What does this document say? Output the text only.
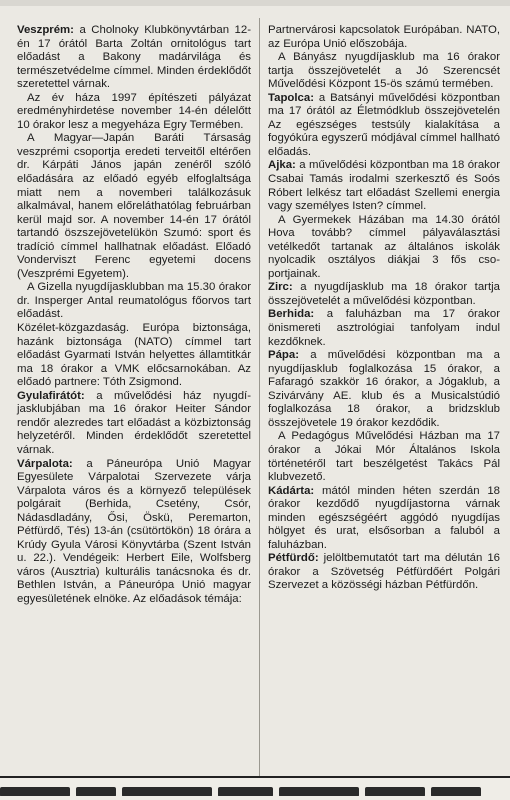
Veszprém: a Cholnoky Klubkönyvtárban 12-én 17 órától Barta Zoltán ornitológus tart előadást a Bakony madárvilága és természetvédelme címmel. Minden érdeklődőt szeretettel várnak.

Az év háza 1997 építészeti pályázat eredményhirdetése november 14-én délelőtt 10 órakor lesz a megyeháza Egry Termében.

A Magyar—Japán Baráti Társaság veszprémi csoportja eredeti terveitől eltérően dr. Kárpáti János japán zenéről szóló előadására az előadó egyéb elfoglaltsága miatt nem a novemberi találkozásuk alkalmával, hanem előreláthatólag februárban kerül majd sor. A november 14-én 17 órától tartandó öszszejövetelükön Szumó: sport és tradíció címmel hallhatnak előadást. Előadó Vonderviszt Ferenc egyetemi docens (Veszprémi Egyetem).

A Gizella nyugdíjasklubban ma 15.30 órakor dr. Insperger Antal reumatológus főorvos tart előadást.

Közélet-közgazdaság. Európa biztonsága, hazánk biztonsága (NATO) címmel tart előadást Gyarmati István helyettes államtitkár ma 18 órakor a VMK előcsarnokában. Az előadó partnere: Tóth Zsigmond.

Gyulafirátót: a művelődési ház nyugdíjasklubjában ma 16 órakor Heiter Sándor rendőr alezredes tart előadást a közbiztonság helyzetéről. Minden érdeklődőt szeretettel várnak.

Várpalota: a Páneurópa Unió Magyar Egyesülete Várpalotai Szervezete várja Várpalota város és a környező települések polgárait (Berhida, Csetény, Csór, Nádasdladány, Ősi, Öskü, Peremarton, Pétfürdő, Tés) 13-án (csütörtökön) 18 órára a Krúdy Gyula Városi Könyvtárba (Szent István u. 22.). Vendégeik: Herbert Eile, Wolfsberg város (Ausztria) kulturális tanácsnoka és dr. Bethlen István, a Páneurópa Unió magyar egyesületének elnöke. Az előadások témája:

Partnervárosi kapcsolatok Európában. NATO, az Európa Unió előszobája.

A Bányász nyugdíjasklub ma 16 órakor tartja összejövetelét a Jó Szerencsét Művelődési Központ 15-ös számú termében.

Tapolca: a Batsányi művelődési központban ma 17 órától az Életmódklub összejövetelén Az egészséges testsúly kialakítása a fogyókúra egyszerű módjával címmel hallható előadás.

Ajka: a művelődési központban ma 18 órakor Csabai Tamás irodalmi szerkesztő és Soós Róbert lelkész tart előadást Szellemi energia vagy személyes Isten? címmel.

A Gyermekek Házában ma 14.30 órától Hova tovább? címmel pályaválasztási vetélkedőt tartanak az általános iskolák nyolcadik osztályos diákjai 3 fős csoportjainak.

Zirc: a nyugdíjasklub ma 18 órakor tartja összejövetelét a művelődési központban.

Berhida: a faluházban ma 17 órakor önismereti asztrológiai tanfolyam indul kezdőknek.

Pápa: a művelődési központban ma a nyugdíjasklub foglalkozása 15 órakor, a Fafaragó szakkör 16 órakor, a Jógaklub, a Szivárvány AE. klub és a Musicalstúdió foglalkozása 18 órakor, a bridzsklub összejövetele 19 órakor kezdődik.

A Pedagógus Művelődési Házban ma 17 órakor a Jókai Mór Általános Iskola történetéről tart beszélgetést Takács Pál klubvezető.

Kádárta: mától minden héten szerdán 18 órakor kezdődő nyugdíjastorna várnak minden egészségéért aggódó nyugdíjas hölgyet és urat, elsősorban a faluból a faluházban.

Pétfürdő: jelöltbemutatót tart ma délután 16 órakor a Szövetség Pétfürdőért Polgári Szervezet a közösségi házban Pétfürdőn.
